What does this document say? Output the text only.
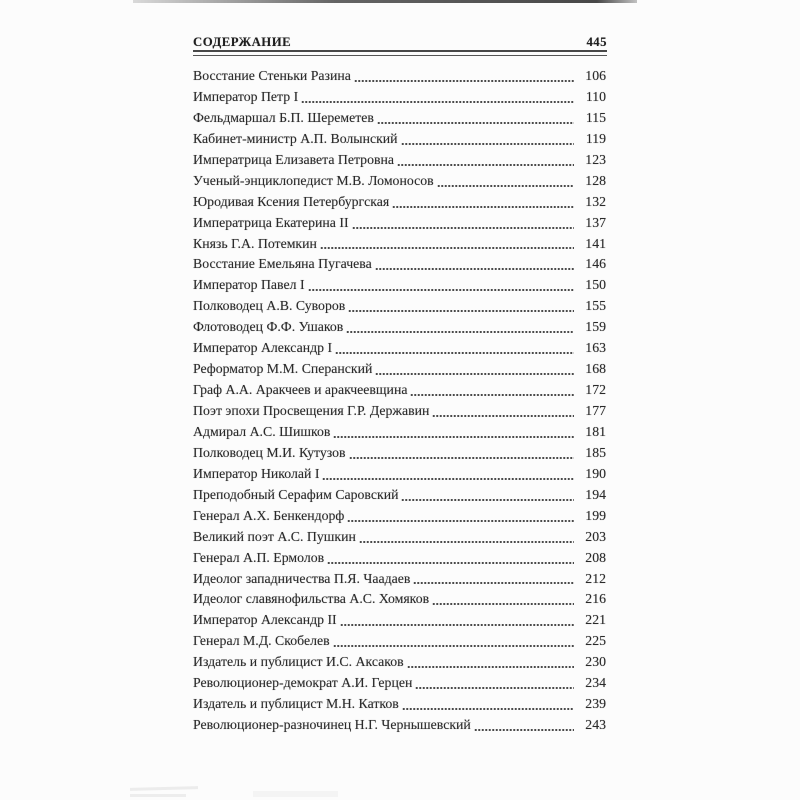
СОДЕРЖАНИЕ	445
Восстание Стеньки Разина	106
Император Петр I	110
Фельдмаршал Б.П. Шереметев	115
Кабинет-министр А.П. Волынский	119
Императрица Елизавета Петровна	123
Ученый-энциклопедист М.В. Ломоносов	128
Юродивая Ксения Петербургская	132
Императрица Екатерина II	137
Князь Г.А. Потемкин	141
Восстание Емельяна Пугачева	146
Император Павел I	150
Полководец А.В. Суворов	155
Флотоводец Ф.Ф. Ушаков	159
Император Александр I	163
Реформатор М.М. Сперанский	168
Граф А.А. Аракчеев и аракчеевщина	172
Поэт эпохи Просвещения Г.Р. Державин	177
Адмирал А.С. Шишков	181
Полководец М.И. Кутузов	185
Император Николай I	190
Преподобный Серафим Саровский	194
Генерал А.Х. Бенкендорф	199
Великий поэт А.С. Пушкин	203
Генерал А.П. Ермолов	208
Идеолог западничества П.Я. Чаадаев	212
Идеолог славянофильства А.С. Хомяков	216
Император Александр II	221
Генерал М.Д. Скобелев	225
Издатель и публицист И.С. Аксаков	230
Революционер-демократ А.И. Герцен	234
Издатель и публицист М.Н. Катков	239
Революционер-разночинец Н.Г. Чернышевский	243
